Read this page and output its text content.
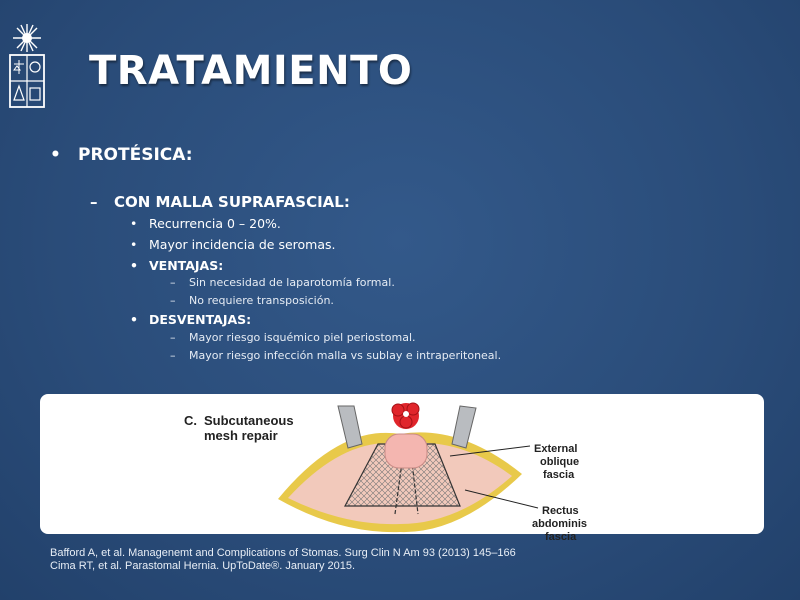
TRATAMIENTO
• PROTÉSICA:
– CON MALLA SUPRAFASCIAL:
• Recurrencia 0 – 20%.
• Mayor incidencia de seromas.
• VENTAJAS:
– Sin necesidad de laparotomía formal.
– No requiere transposición.
• DESVENTAJAS:
– Mayor riesgo isquémico piel periostomal.
– Mayor riesgo infección malla vs sublay e intraperitoneal.
C. Subcutaneous
mesh repair
External
oblique
fascia
Rectus
abdominis
fascia
Bafford A, et al. Managenemt and Complications of Stomas. Surg Clin N Am 93 (2013) 145–166
Cima RT, et al. Parastomal Hernia. UpToDate®. January 2015.
